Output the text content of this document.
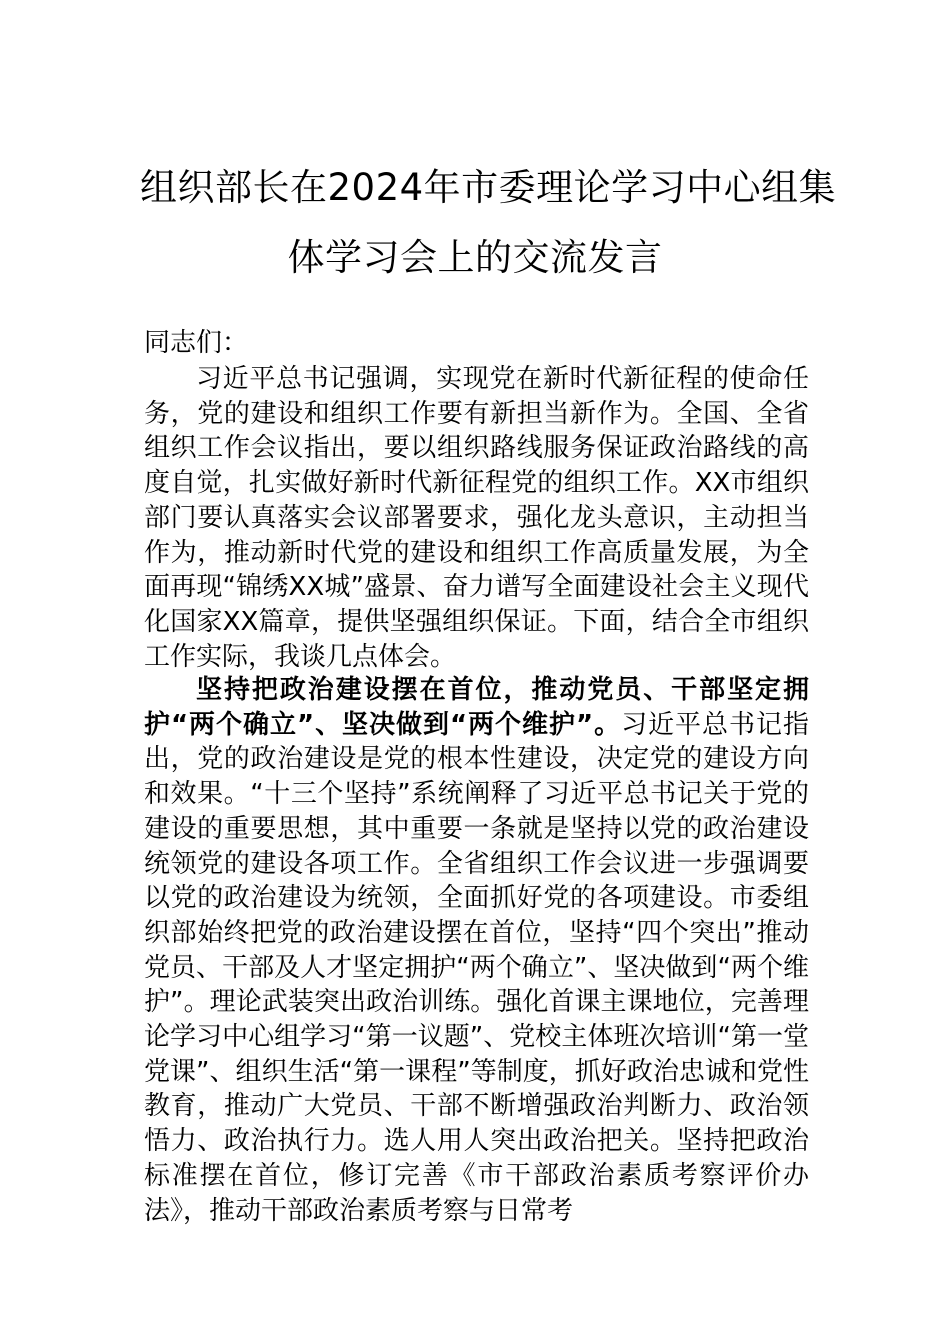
组织部长在2024年市委理论学习中心组集
体学习会上的交流发言
同志们：

习近平总书记强调，实现党在新时代新征程的使命任务，党的建设和组织工作要有新担当新作为。全国、全省组织工作会议指出，要以组织路线服务保证政治路线的高度自觉，扎实做好新时代新征程党的组织工作。XX市组织部门要认真落实会议部署要求，强化龙头意识，主动担当作为，推动新时代党的建设和组织工作高质量发展，为全面再现“锦绣XX城”盛景、奋力谱写全面建设社会主义现代化国家XX篇章，提供坚强组织保证。下面，结合全市组织工作实际，我谈几点体会。

坚持把政治建设摆在首位，推动党员、干部坚定拥护“两个确立”、坚决做到“两个维护”。习近平总书记指出，党的政治建设是党的根本性建设，决定党的建设方向和效果。“十三个坚持”系统阐释了习近平总书记关于党的建设的重要思想，其中重要一条就是坚持以党的政治建设统领党的建设各项工作。全省组织工作会议进一步强调要以党的政治建设为统领，全面抓好党的各项建设。市委组织部始终把党的政治建设摆在首位，坚持“四个突出”推动党员、干部及人才坚定拥护“两个确立”、坚决做到“两个维护”。理论武装突出政治训练。强化首课主课地位，完善理论学习中心组学习“第一议题”、党校主体班次培训“第一堂党课”、组织生活“第一课程”等制度，抓好政治忠诚和党性教育，推动广大党员、干部不断增强政治判断力、政治领悟力、政治执行力。选人用人突出政治把关。坚持把政治标准摆在首位，修订完善《市干部政治素质考察评价办法》，推动干部政治素质考察与日常考
